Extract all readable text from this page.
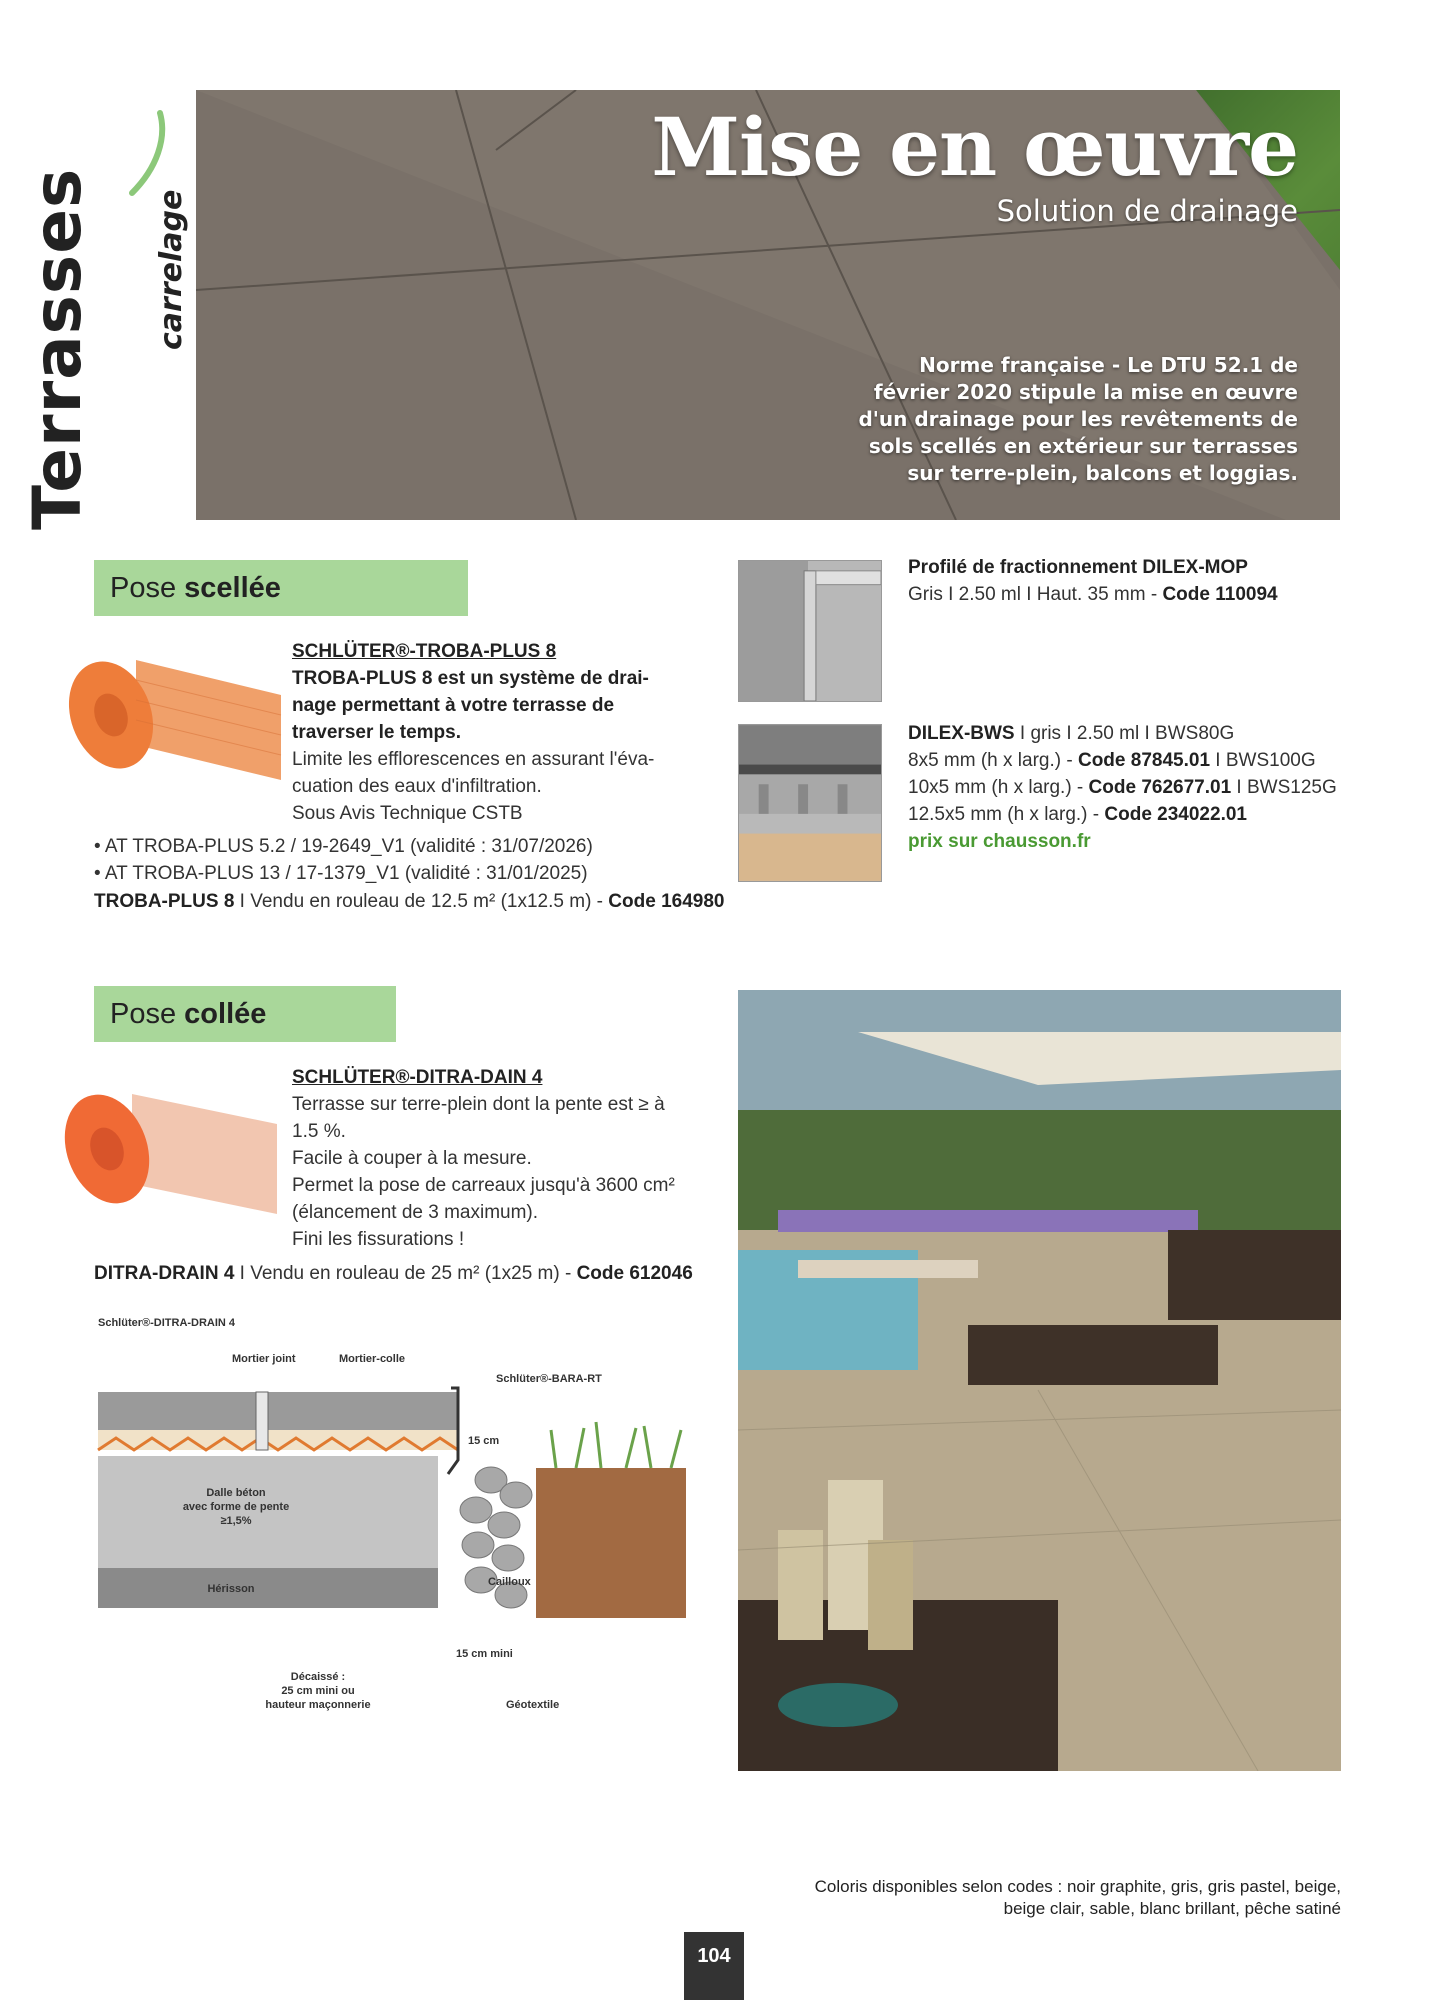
Terrasses carrelage
Mise en œuvre
Solution de drainage
Norme française - Le DTU 52.1 de
février 2020 stipule la mise en œuvre
d'un drainage pour les revêtements de
sols scellés en extérieur sur terrasses
sur terre-plein, balcons et loggias.
Pose scellée
SCHLÜTER®-TROBA-PLUS 8
TROBA-PLUS 8 est un système de drai-
nage permettant à votre terrasse de
traverser le temps.
Limite les efflorescences en assurant l'éva-
cuation des eaux d'infiltration.
Sous Avis Technique CSTB
• AT TROBA-PLUS 5.2 / 19-2649_V1 (validité : 31/07/2026)
• AT TROBA-PLUS 13 / 17-1379_V1 (validité : 31/01/2025)
TROBA-PLUS 8 I Vendu en rouleau de 12.5 m² (1x12.5 m) - Code 164980
Profilé de fractionnement DILEX-MOP
Gris I 2.50 ml I Haut. 35 mm - Code 110094
DILEX-BWS I gris I 2.50 ml I BWS80G
8x5 mm (h x larg.) - Code 87845.01 I BWS100G
10x5 mm (h x larg.) - Code 762677.01 I BWS125G
12.5x5 mm (h x larg.) - Code 234022.01
prix sur chausson.fr
Pose collée
SCHLÜTER®-DITRA-DAIN 4
Terrasse sur terre-plein dont la pente est ≥ à
1.5 %.
Facile à couper à la mesure.
Permet la pose de carreaux jusqu'à 3600 cm²
(élancement de 3 maximum).
Fini les fissurations !
DITRA-DRAIN 4 I Vendu en rouleau de 25 m² (1x25 m) - Code 612046
Schlüter®-DITRA-DRAIN 4
Mortier joint	Mortier-colle
Schlüter®-BARA-RT
15 cm
Dalle béton
avec forme de pente
≥1,5%
Cailloux
Hérisson
15 cm mini
Décaissé :
25 cm mini ou
hauteur maçonnerie	Géotextile
Coloris disponibles selon codes : noir graphite, gris, gris pastel, beige,
beige clair, sable, blanc brillant, pêche satiné
104
